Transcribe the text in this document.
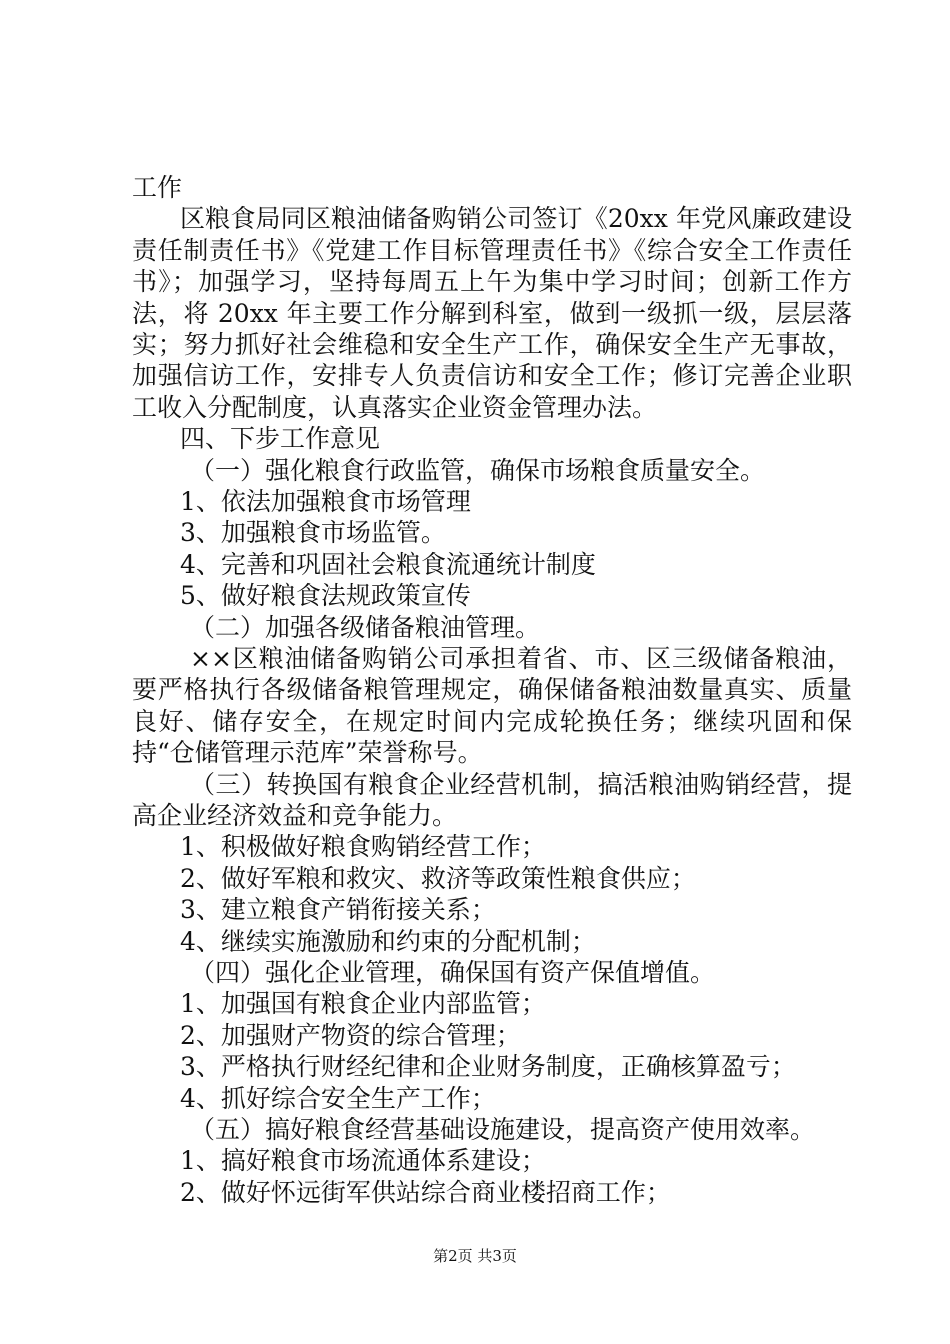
工作
区粮食局同区粮油储备购销公司签订《20xx 年党风廉政建设责任制责任书》《党建工作目标管理责任书》《综合安全工作责任书》；加强学习，坚持每周五上午为集中学习时间；创新工作方法，将 20xx 年主要工作分解到科室，做到一级抓一级，层层落实；努力抓好社会维稳和安全生产工作，确保安全生产无事故，加强信访工作，安排专人负责信访和安全工作；修订完善企业职工收入分配制度，认真落实企业资金管理办法。
四、下步工作意见
（一）强化粮食行政监管，确保市场粮食质量安全。
1、依法加强粮食市场管理
3、加强粮食市场监管。
4、完善和巩固社会粮食流通统计制度
5、做好粮食法规政策宣传
（二）加强各级储备粮油管理。
××区粮油储备购销公司承担着省、市、区三级储备粮油，要严格执行各级储备粮管理规定，确保储备粮油数量真实、质量良好、储存安全，在规定时间内完成轮换任务；继续巩固和保持“仓储管理示范库”荣誉称号。
（三）转换国有粮食企业经营机制，搞活粮油购销经营，提高企业经济效益和竞争能力。
1、积极做好粮食购销经营工作；
2、做好军粮和救灾、救济等政策性粮食供应；
3、建立粮食产销衔接关系；
4、继续实施激励和约束的分配机制；
（四）强化企业管理，确保国有资产保值增值。
1、加强国有粮食企业内部监管；
2、加强财产物资的综合管理；
3、严格执行财经纪律和企业财务制度，正确核算盈亏；
4、抓好综合安全生产工作；
（五）搞好粮食经营基础设施建设，提高资产使用效率。
1、搞好粮食市场流通体系建设；
2、做好怀远街军供站综合商业楼招商工作；
第2页 共3页
